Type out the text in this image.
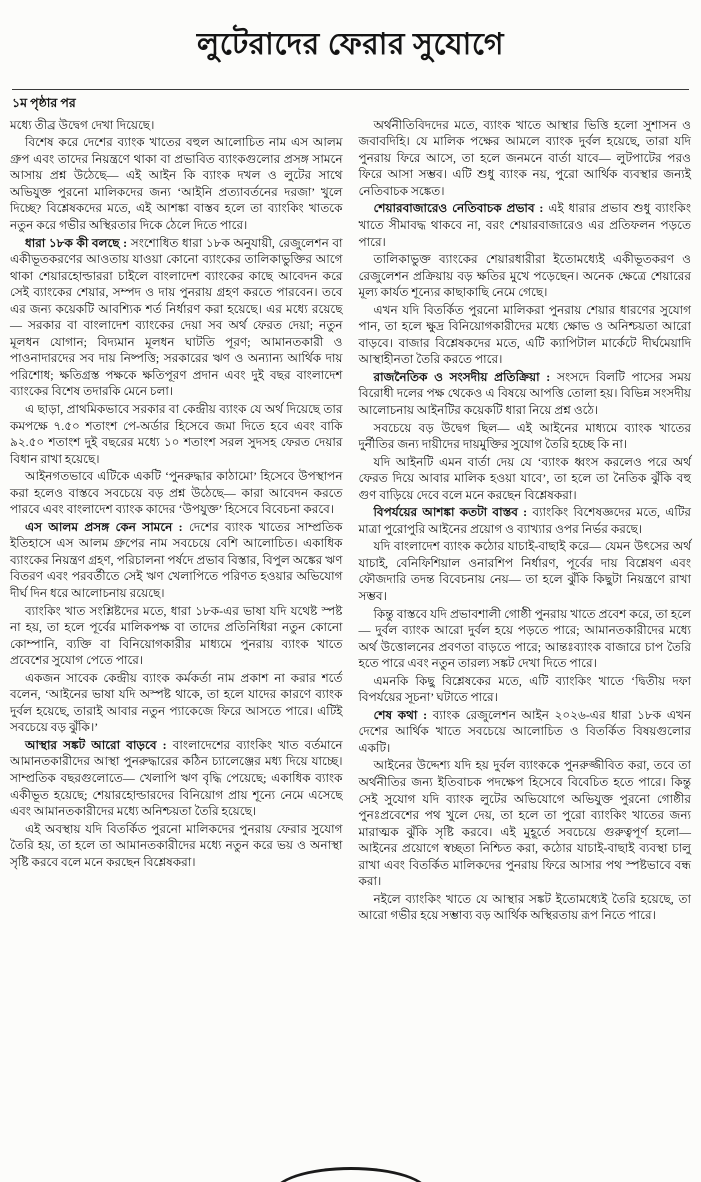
লুটেরাদের ফেরার সুযোগে
১ম পৃষ্ঠার পর

মধ্যে তীব্র উদ্বেগ দেখা দিয়েছে।

বিশেষ করে দেশের ব্যাংক খাতের বহুল আলোচিত নাম এস আলম গ্রুপ এবং তাদের নিয়ন্ত্রণে থাকা বা প্রভাবিত ব্যাংকগুলোর প্রসঙ্গ সামনে আসায় প্রশ্ন উঠেছে— এই আইন কি ব্যাংক দখল ও লুটের সাথে অভিযুক্ত পুরনো মালিকদের জন্য ‘আইনি প্রত্যাবর্তনের দরজা’ খুলে দিচ্ছে? বিশ্লেষকদের মতে, এই আশঙ্কা বাস্তব হলে তা ব্যাংকিং খাতকে নতুন করে গভীর অস্থিরতার দিকে ঠেলে দিতে পারে।

ধারা ১৮ক কী বলছে : সংশোধিত ধারা ১৮ক অনুযায়ী, রেজুলেশন বা একীভূতকরণের আওতায় যাওয়া কোনো ব্যাংকের তালিকাভুক্তির আগে থাকা শেয়ারহোল্ডাররা চাইলে বাংলাদেশ ব্যাংকের কাছে আবেদন করে সেই ব্যাংকের শেয়ার, সম্পদ ও দায় পুনরায় গ্রহণ করতে পারবেন। তবে এর জন্য কয়েকটি আবশ্যিক শর্ত নির্ধারণ করা হয়েছে। এর মধ্যে রয়েছে— সরকার বা বাংলাদেশ ব্যাংকের দেয়া সব অর্থ ফেরত দেয়া; নতুন মূলধন যোগান; বিদ্যমান মূলধন ঘাটতি পূরণ; আমানতকারী ও পাওনাদারদের সব দায় নিষ্পত্তি; সরকারের ঋণ ও অন্যান্য আর্থিক দায় পরিশোধ; ক্ষতিগ্রস্ত পক্ষকে ক্ষতিপূরণ প্রদান এবং দুই বছর বাংলাদেশ ব্যাংকের বিশেষ তদারকি মেনে চলা।

এ ছাড়া, প্রাথমিকভাবে সরকার বা কেন্দ্রীয় ব্যাংক যে অর্থ দিয়েছে তার কমপক্ষে ৭.৫০ শতাংশ পে-অর্ডার হিসেবে জমা দিতে হবে এবং বাকি ৯২.৫০ শতাংশ দুই বছরের মধ্যে ১০ শতাংশ সরল সুদসহ ফেরত দেয়ার বিধান রাখা হয়েছে।

আইনগতভাবে এটিকে একটি ‘পুনরুদ্ধার কাঠামো’ হিসেবে উপস্থাপন করা হলেও বাস্তবে সবচেয়ে বড় প্রশ্ন উঠেছে— কারা আবেদন করতে পারবে এবং বাংলাদেশ ব্যাংক কাদের ‘উপযুক্ত’ হিসেবে বিবেচনা করবে।

এস আলম প্রসঙ্গ কেন সামনে : দেশের ব্যাংক খাতের সাম্প্রতিক ইতিহাসে এস আলম গ্রুপের নাম সবচেয়ে বেশি আলোচিত। একাধিক ব্যাংকের নিয়ন্ত্রণ গ্রহণ, পরিচালনা পর্ষদে প্রভাব বিস্তার, বিপুল অঙ্কের ঋণ বিতরণ এবং পরবর্তীতে সেই ঋণ খেলাপিতে পরিণত হওয়ার অভিযোগ দীর্ঘ দিন ধরে আলোচনায় রয়েছে।

ব্যাংকিং খাত সংশ্লিষ্টদের মতে, ধারা ১৮ক-এর ভাষা যদি যথেষ্ট স্পষ্ট না হয়, তা হলে পূর্বের মালিকপক্ষ বা তাদের প্রতিনিধিরা নতুন কোনো কোম্পানি, ব্যক্তি বা বিনিয়োগকারীর মাধ্যমে পুনরায় ব্যাংক খাতে প্রবেশের সুযোগ পেতে পারে।

একজন সাবেক কেন্দ্রীয় ব্যাংক কর্মকর্তা নাম প্রকাশ না করার শর্তে বলেন, ‘আইনের ভাষা যদি অস্পষ্ট থাকে, তা হলে যাদের কারণে ব্যাংক দুর্বল হয়েছে, তারাই আবার নতুন প্যাকেজে ফিরে আসতে পারে। এটিই সবচেয়ে বড় ঝুঁকি।’

আস্থার সঙ্কট আরো বাড়বে : বাংলাদেশের ব্যাংকিং খাত বর্তমানে আমানতকারীদের আস্থা পুনরুদ্ধারের কঠিন চ্যালেঞ্জের মধ্য দিয়ে যাচ্ছে। সাম্প্রতিক বছরগুলোতে— খেলাপি ঋণ বৃদ্ধি পেয়েছে; একাধিক ব্যাংক একীভূত হয়েছে; শেয়ারহোল্ডারদের বিনিয়োগ প্রায় শূন্যে নেমে এসেছে এবং আমানতকারীদের মধ্যে অনিশ্চয়তা তৈরি হয়েছে।

এই অবস্থায় যদি বিতর্কিত পুরনো মালিকদের পুনরায় ফেরার সুযোগ তৈরি হয়, তা হলে তা আমানতকারীদের মধ্যে নতুন করে ভয় ও অনাস্থা সৃষ্টি করবে বলে মনে করছেন বিশ্লেষকরা।

অর্থনীতিবিদদের মতে, ব্যাংক খাতে আস্থার ভিত্তি হলো সুশাসন ও জবাবদিহি। যে মালিক পক্ষের আমলে ব্যাংক দুর্বল হয়েছে, তারা যদি পুনরায় ফিরে আসে, তা হলে জনমনে বার্তা যাবে— লুটপাটের পরও ফিরে আসা সম্ভব। এটি শুধু ব্যাংক নয়, পুরো আর্থিক ব্যবস্থার জন্যই নেতিবাচক সঙ্কেত।

শেয়ারবাজারেও নেতিবাচক প্রভাব : এই ধারার প্রভাব শুধু ব্যাংকিং খাতে সীমাবদ্ধ থাকবে না, বরং শেয়ারবাজারেও এর প্রতিফলন পড়তে পারে।

তালিকাভুক্ত ব্যাংকের শেয়ারধারীরা ইতোমধ্যেই একীভূতকরণ ও রেজুলেশন প্রক্রিয়ায় বড় ক্ষতির মুখে পড়েছেন। অনেক ক্ষেত্রে শেয়ারের মূল্য কার্যত শূন্যের কাছাকাছি নেমে গেছে।

এখন যদি বিতর্কিত পুরনো মালিকরা পুনরায় শেয়ার ধারণের সুযোগ পান, তা হলে ক্ষুদ্র বিনিয়োগকারীদের মধ্যে ক্ষোভ ও অনিশ্চয়তা আরো বাড়বে। বাজার বিশ্লেষকদের মতে, এটি ক্যাপিটাল মার্কেটে দীর্ঘমেয়াদি আস্থাহীনতা তৈরি করতে পারে।

রাজনৈতিক ও সংসদীয় প্রতিক্রিয়া : সংসদে বিলটি পাসের সময় বিরোধী দলের পক্ষ থেকেও এ বিষয়ে আপত্তি তোলা হয়। বিভিন্ন সংসদীয় আলোচনায় আইনটির কয়েকটি ধারা নিয়ে প্রশ্ন ওঠে।

সবচেয়ে বড় উদ্বেগ ছিল— এই আইনের মাধ্যমে ব্যাংক খাতের দুর্নীতির জন্য দায়ীদের দায়মুক্তির সুযোগ তৈরি হচ্ছে কি না।

যদি আইনটি এমন বার্তা দেয় যে ‘ব্যাংক ধ্বংস করলেও পরে অর্থ ফেরত দিয়ে আবার মালিক হওয়া যাবে’, তা হলে তা নৈতিক ঝুঁকি বহু গুণ বাড়িয়ে দেবে বলে মনে করছেন বিশ্লেষকরা।

বিপর্যয়ের আশঙ্কা কতটা বাস্তব : ব্যাংকিং বিশেষজ্ঞদের মতে, এটির মাত্রা পুরোপুরি আইনের প্রয়োগ ও ব্যাখ্যার ওপর নির্ভর করছে।

যদি বাংলাদেশ ব্যাংক কঠোর যাচাই-বাছাই করে— যেমন উৎসের অর্থ যাচাই, বেনিফিশিয়াল ওনারশিপ নির্ধারণ, পূর্বের দায় বিশ্লেষণ এবং ফৌজদারি তদন্ত বিবেচনায় নেয়— তা হলে ঝুঁকি কিছুটা নিয়ন্ত্রণে রাখা সম্ভব।

কিন্তু বাস্তবে যদি প্রভাবশালী গোষ্ঠী পুনরায় খাতে প্রবেশ করে, তা হলে— দুর্বল ব্যাংক আরো দুর্বল হয়ে পড়তে পারে; আমানতকারীদের মধ্যে অর্থ উত্তোলনের প্রবণতা বাড়তে পারে; আন্তঃব্যাংক বাজারে চাপ তৈরি হতে পারে এবং নতুন তারল্য সঙ্কট দেখা দিতে পারে।

এমনকি কিছু বিশ্লেষকের মতে, এটি ব্যাংকিং খাতে ‘দ্বিতীয় দফা বিপর্যয়ের সূচনা’ ঘটাতে পারে।

শেষ কথা : ব্যাংক রেজুলেশন আইন ২০২৬-এর ধারা ১৮ক এখন দেশের আর্থিক খাতে সবচেয়ে আলোচিত ও বিতর্কিত বিষয়গুলোর একটি।

আইনের উদ্দেশ্য যদি হয় দুর্বল ব্যাংককে পুনরুজ্জীবিত করা, তবে তা অর্থনীতির জন্য ইতিবাচক পদক্ষেপ হিসেবে বিবেচিত হতে পারে। কিন্তু সেই সুযোগ যদি ব্যাংক লুটের অভিযোগে অভিযুক্ত পুরনো গোষ্ঠীর পুনঃপ্রবেশের পথ খুলে দেয়, তা হলে তা পুরো ব্যাংকিং খাতের জন্য মারাত্মক ঝুঁকি সৃষ্টি করবে। এই মুহূর্তে সবচেয়ে গুরুত্বপূর্ণ হলো— আইনের প্রয়োগে স্বচ্ছতা নিশ্চিত করা, কঠোর যাচাই-বাছাই ব্যবস্থা চালু রাখা এবং বিতর্কিত মালিকদের পুনরায় ফিরে আসার পথ স্পষ্টভাবে বন্ধ করা।

নইলে ব্যাংকিং খাতে যে আস্থার সঙ্কট ইতোমধ্যেই তৈরি হয়েছে, তা আরো গভীর হয়ে সম্ভাব্য বড় আর্থিক অস্থিরতায় রূপ নিতে পারে।
